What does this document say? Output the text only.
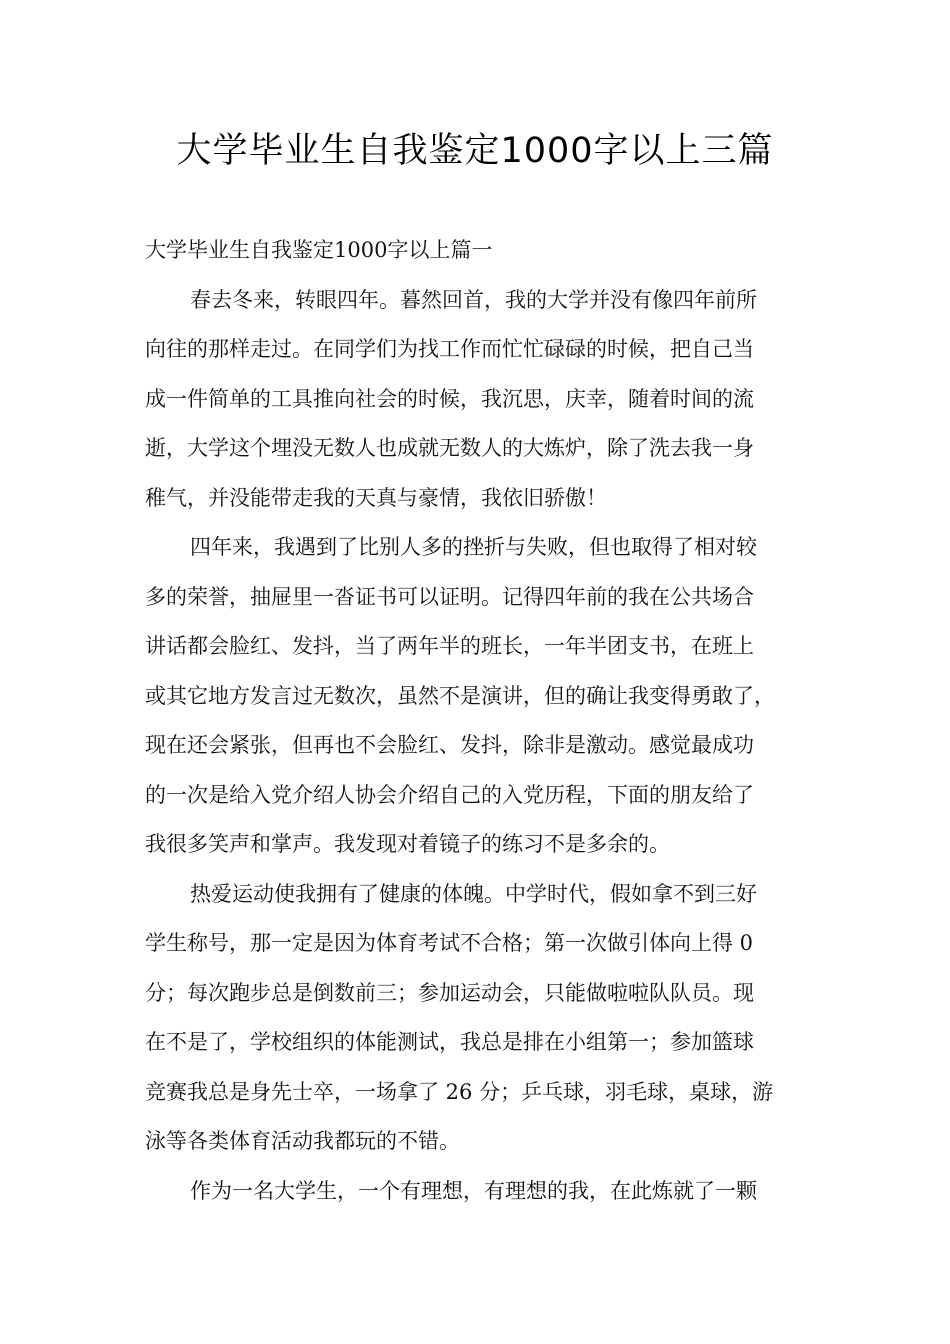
大学毕业生自我鉴定1000字以上三篇
大学毕业生自我鉴定1000字以上篇一
春去冬来，转眼四年。暮然回首，我的大学并没有像四年前所
向往的那样走过。在同学们为找工作而忙忙碌碌的时候，把自己当
成一件简单的工具推向社会的时候，我沉思，庆幸，随着时间的流
逝，大学这个埋没无数人也成就无数人的大炼炉，除了洗去我一身
稚气，并没能带走我的天真与豪情，我依旧骄傲！
四年来，我遇到了比别人多的挫折与失败，但也取得了相对较
多的荣誉，抽屉里一沓证书可以证明。记得四年前的我在公共场合
讲话都会脸红、发抖，当了两年半的班长，一年半团支书，在班上
或其它地方发言过无数次，虽然不是演讲，但的确让我变得勇敢了，
现在还会紧张，但再也不会脸红、发抖，除非是激动。感觉最成功
的一次是给入党介绍人协会介绍自己的入党历程，下面的朋友给了
我很多笑声和掌声。我发现对着镜子的练习不是多余的。
热爱运动使我拥有了健康的体魄。中学时代，假如拿不到三好
学生称号，那一定是因为体育考试不合格；第一次做引体向上得 0
分；每次跑步总是倒数前三；参加运动会，只能做啦啦队队员。现
在不是了，学校组织的体能测试，我总是排在小组第一；参加篮球
竞赛我总是身先士卒，一场拿了 26 分；乒乓球，羽毛球，桌球，游
泳等各类体育活动我都玩的不错。
作为一名大学生，一个有理想，有理想的我，在此炼就了一颗
